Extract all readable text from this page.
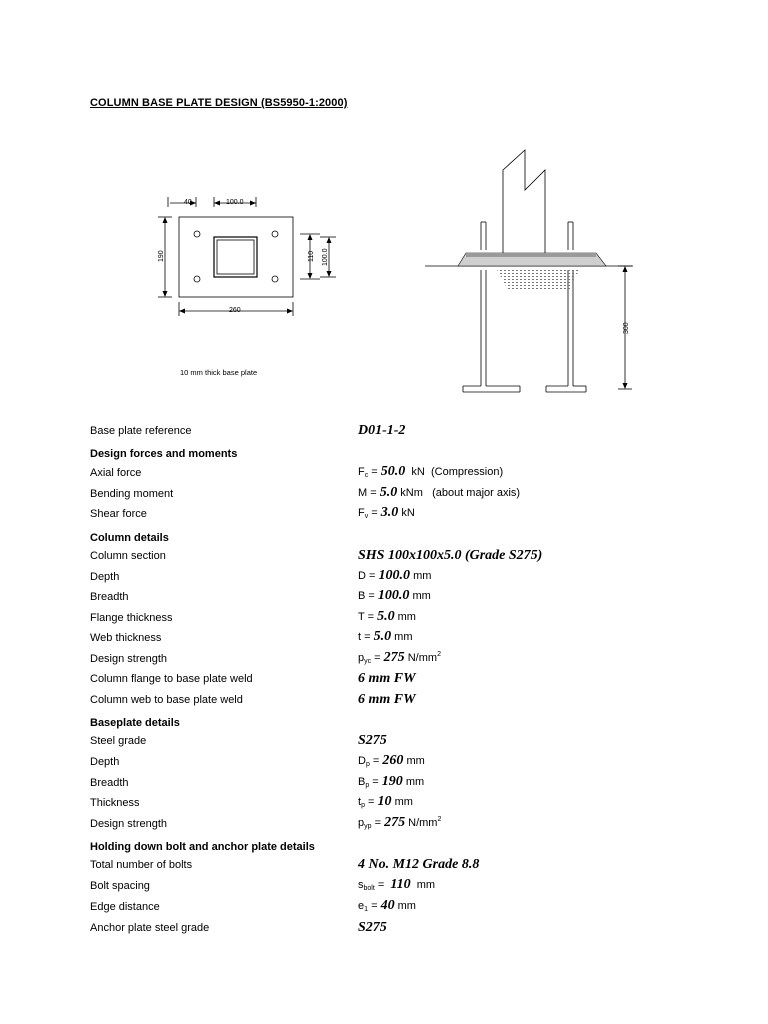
COLUMN BASE PLATE DESIGN (BS5950-1:2000)
40	100.0
190	110 100.0
260
10 mm thick base plate
300
Base plate reference	D01-1-2
Design forces and moments
Axial force	$F_c = 50.0$ kN (Compression)
Bending moment	M = 5.0 kNm (about major axis)
Shear force	$F_v = 3.0$ kN
Column details
Column section	SHS 100x100x5.0 (Grade S275)
Depth	D = 100.0 mm
Breadth	B = 100.0 mm
Flange thickness	T = 5.0 mm
Web thickness	t = 5.0 mm
Design strength	$p_{yc} = 275$ $N/mm^2$
Column flange to base plate weld	6 mm FW
Column web to base plate weld	6 mm FW
Baseplate details
Steel grade	S275
Depth	$D_p = 260$ mm
Breadth	$B_p = 190$ mm
Thickness	$t_p = 10$ mm
Design strength	$p_{yp} = 275$ $N/mm^2$
Holding down bolt and anchor plate details
Total number of bolts	4 No. M12 Grade 8.8
Bolt spacing	$s_{bolt} = 110$ mm
Edge distance	$e_1 = 40$ mm
Anchor plate steel grade	S275
